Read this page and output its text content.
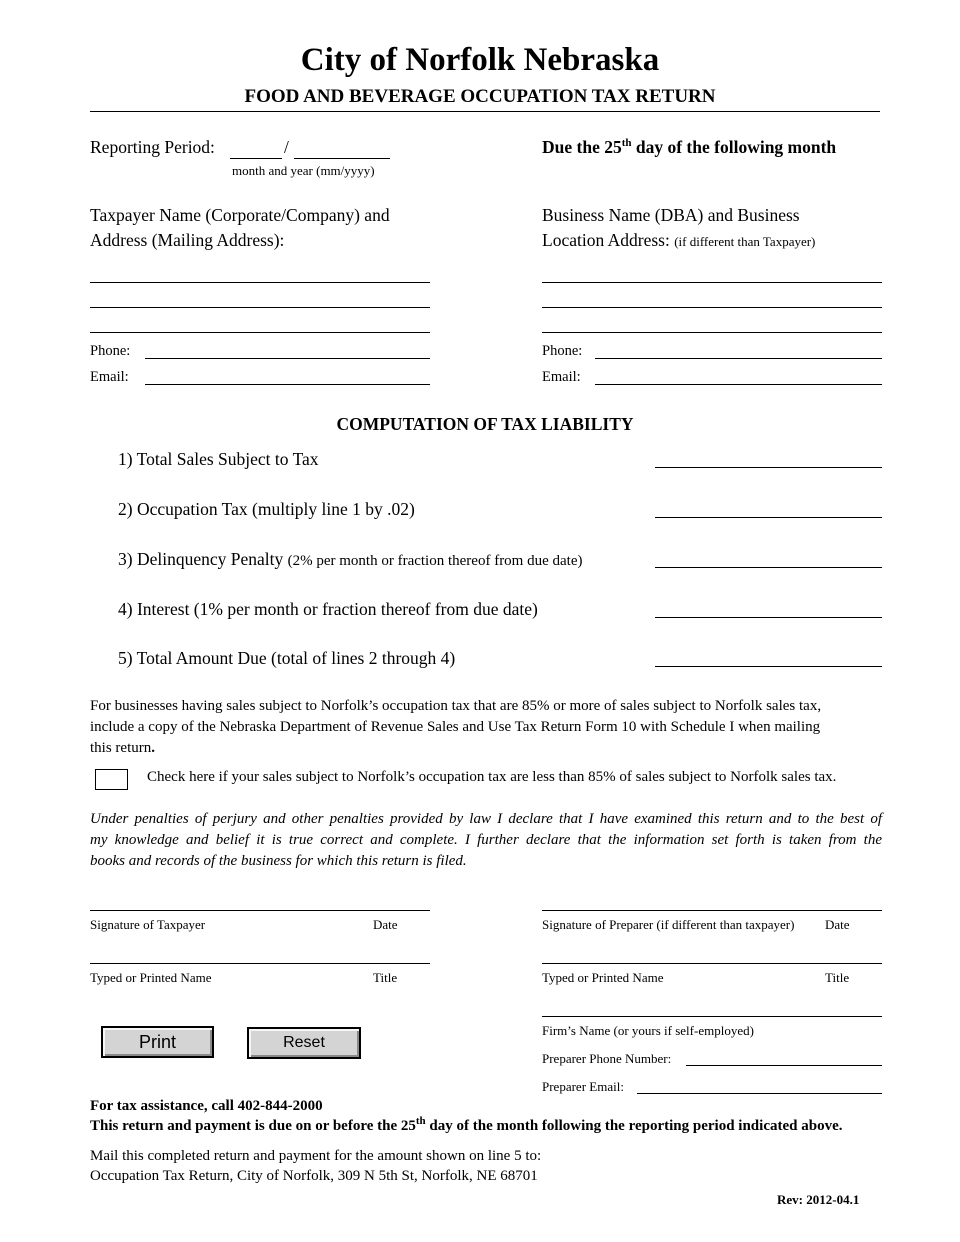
City of Norfolk Nebraska
FOOD AND BEVERAGE OCCUPATION TAX RETURN
Reporting Period:	/
month and year (mm/yyyy)
Due the 25th day of the following month
Taxpayer Name (Corporate/Company) and
Address (Mailing Address):
Phone:
Email:
Business Name (DBA) and Business
Location Address: (if different than Taxpayer)
Phone:
Email:
COMPUTATION OF TAX LIABILITY
1) Total Sales Subject to Tax
2) Occupation Tax (multiply line 1 by .02)
3) Delinquency Penalty (2% per month or fraction thereof from due date)
4) Interest (1% per month or fraction thereof from due date)
5) Total Amount Due (total of lines 2 through 4)
For businesses having sales subject to Norfolk’s occupation tax that are 85% or more of sales subject to Norfolk sales tax,
include a copy of the Nebraska Department of Revenue Sales and Use Tax Return Form 10 with Schedule I when mailing
this return.
Check here if your sales subject to Norfolk’s occupation tax are less than 85% of sales subject to Norfolk sales tax.
Under penalties of perjury and other penalties provided by law I declare that I have examined this return and to the best of
my knowledge and belief it is true correct and complete. I further declare that the information set forth is taken from the
books and records of the business for which this return is filed.
Signature of Taxpayer	Date
Typed or Printed Name	Title
Signature of Preparer (if different than taxpayer) Date
Typed or Printed Name	Title
Firm’s Name (or yours if self-employed)
Preparer Phone Number:
Preparer Email:
Print	Reset
For tax assistance, call 402-844-2000
This return and payment is due on or before the 25th day of the month following the reporting period indicated above.
Mail this completed return and payment for the amount shown on line 5 to:
Occupation Tax Return, City of Norfolk, 309 N 5th St, Norfolk, NE 68701
Rev: 2012-04.1
